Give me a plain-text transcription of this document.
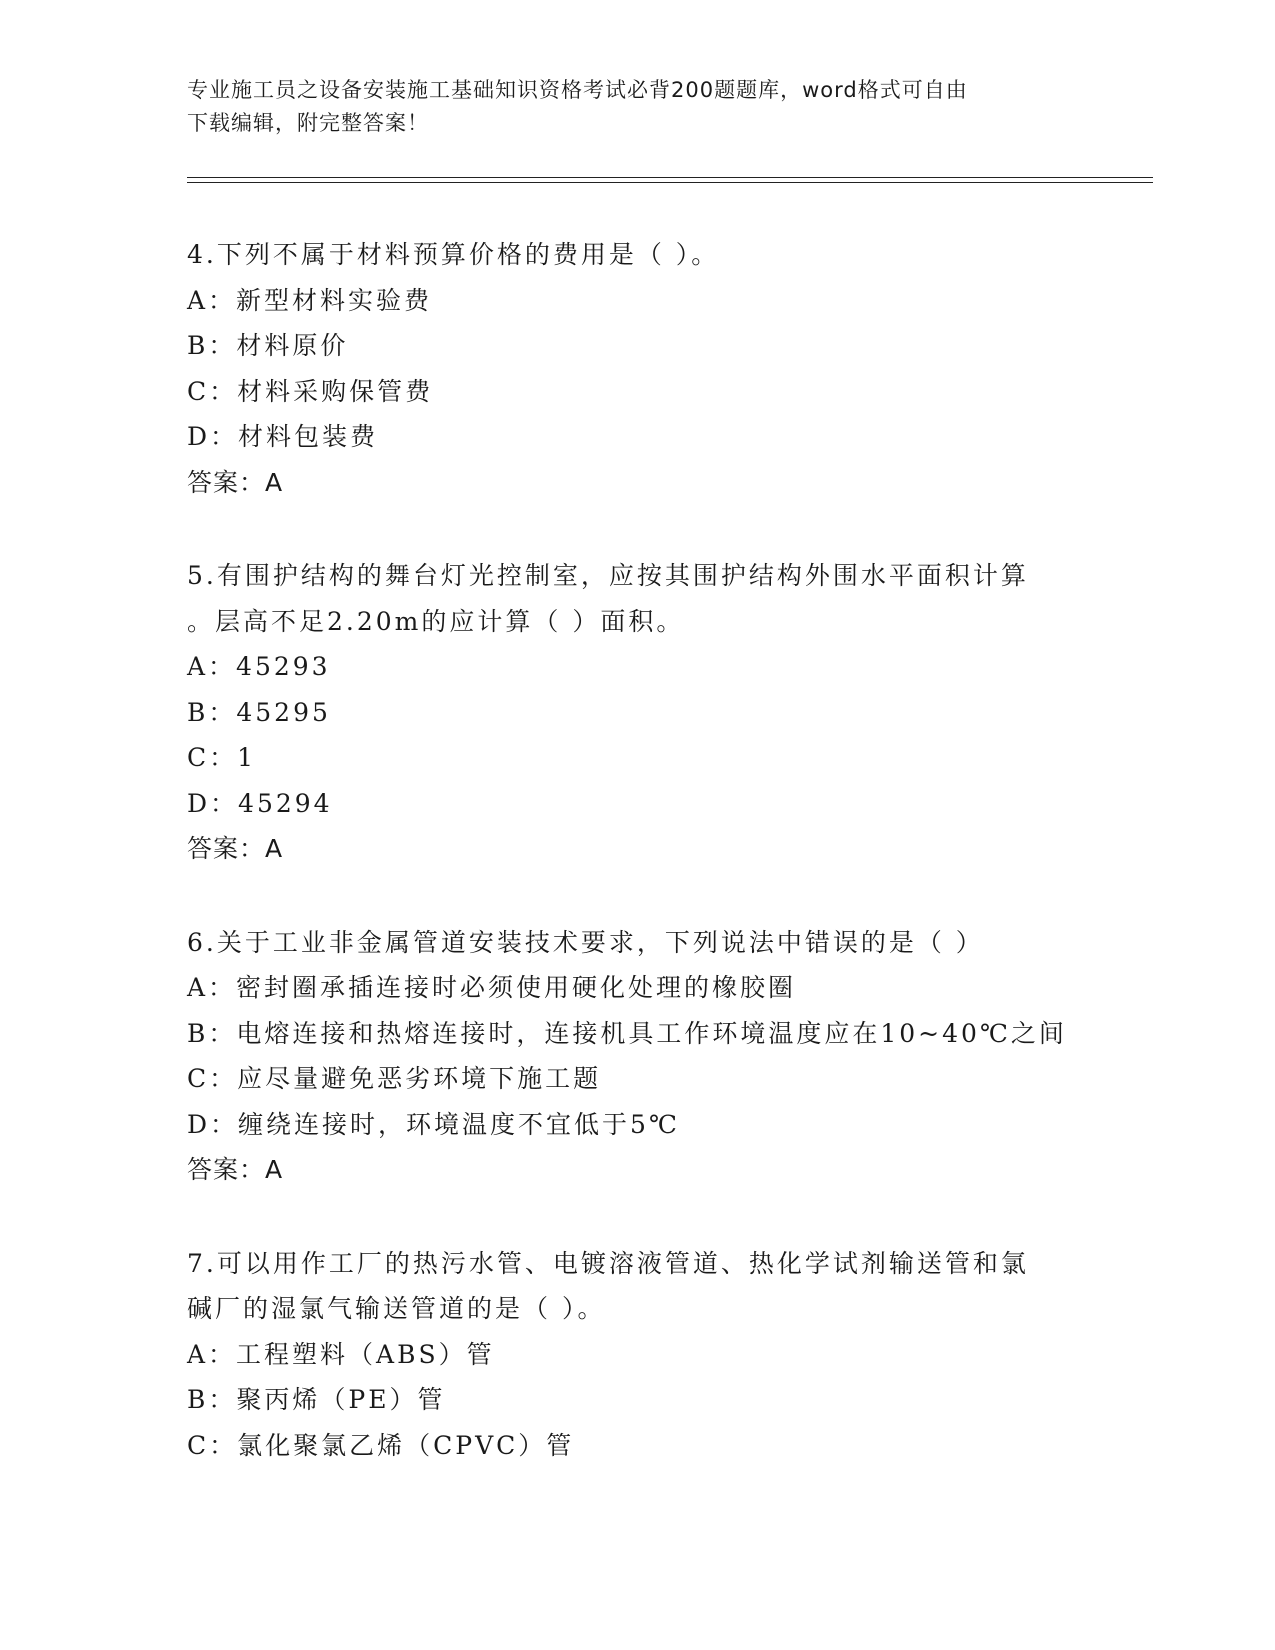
专业施工员之设备安装施工基础知识资格考试必背200题题库，word格式可自由
下载编辑，附完整答案！
4.下列不属于材料预算价格的费用是（ ）。
A：新型材料实验费
B：材料原价
C：材料采购保管费
D：材料包装费
答案：A
5.有围护结构的舞台灯光控制室，应按其围护结构外围水平面积计算
。层高不足2.20m的应计算（ ）面积。
A：45293
B：45295
C：1
D：45294
答案：A
6.关于工业非金属管道安装技术要求，下列说法中错误的是（ ）
A：密封圈承插连接时必须使用硬化处理的橡胶圈
B：电熔连接和热熔连接时，连接机具工作环境温度应在10~40℃之间
C：应尽量避免恶劣环境下施工题
D：缠绕连接时，环境温度不宜低于5℃
答案：A
7.可以用作工厂的热污水管、电镀溶液管道、热化学试剂输送管和氯
碱厂的湿氯气输送管道的是（ ）。
A：工程塑料（ABS）管
B：聚丙烯（PE）管
C：氯化聚氯乙烯（CPVC）管
